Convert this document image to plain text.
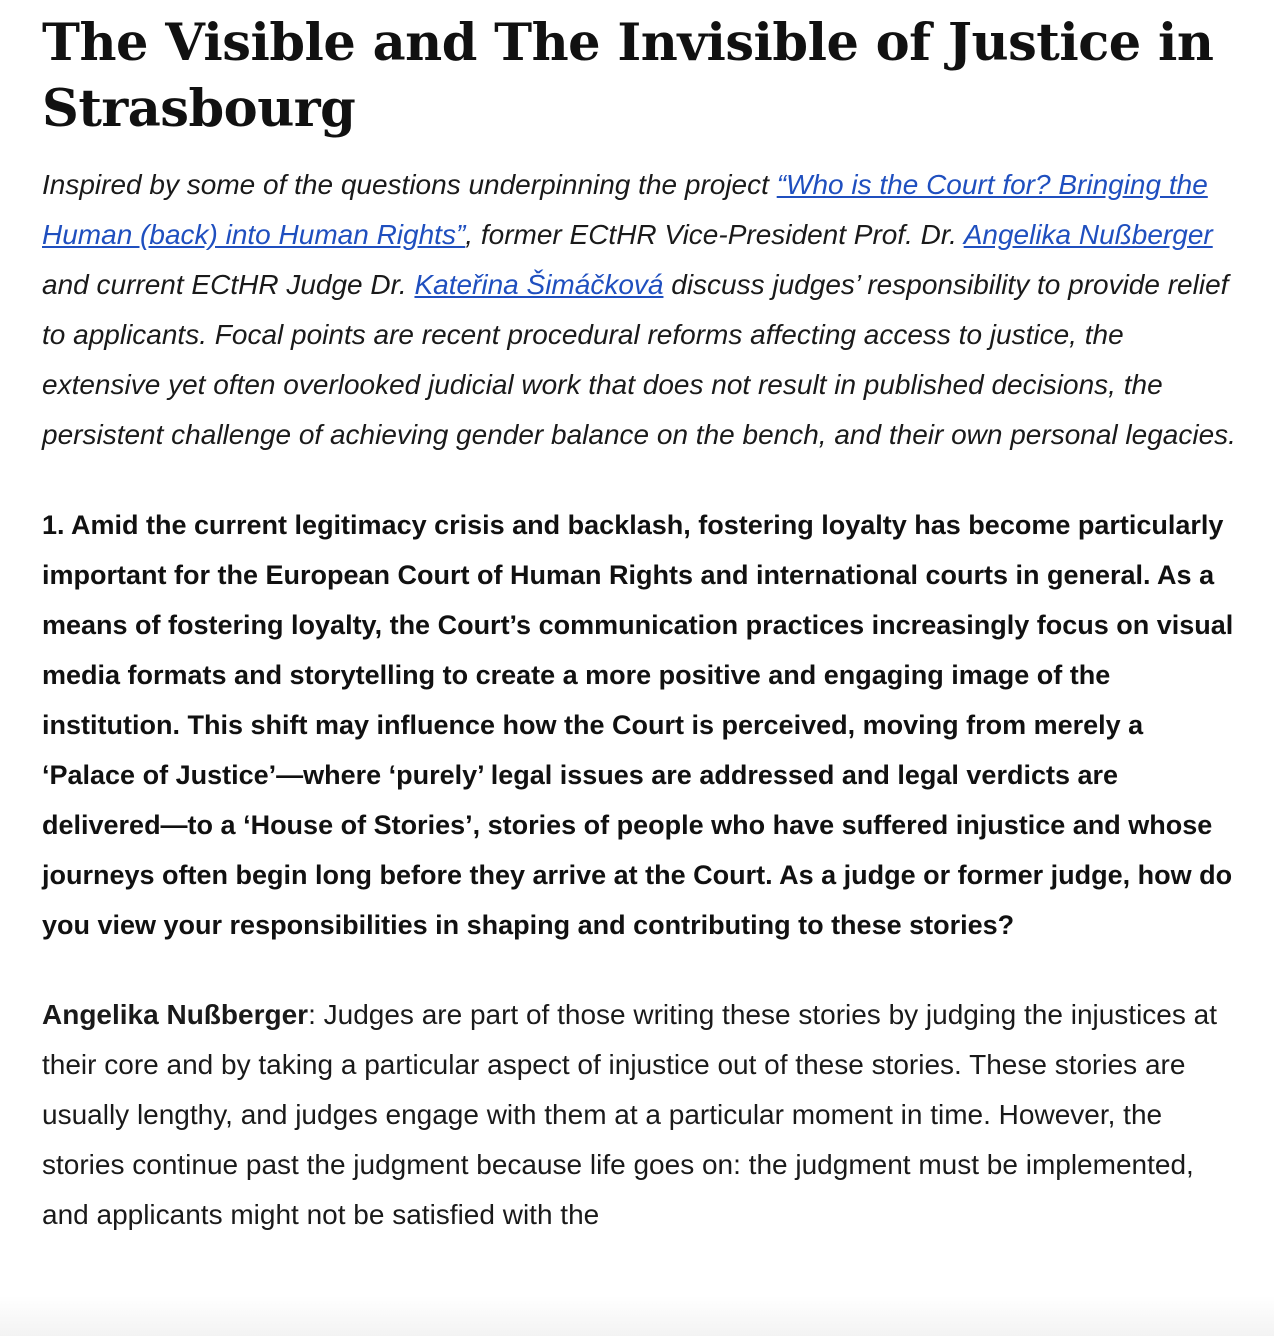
The Visible and The Invisible of Justice in Strasbourg

Inspired by some of the questions underpinning the project “Who is the Court for? Bringing the Human (back) into Human Rights”, former ECtHR Vice-President Prof. Dr. Angelika Nußberger and current ECtHR Judge Dr. Kateřina Šimáčková discuss judges’ responsibility to provide relief to applicants. Focal points are recent procedural reforms affecting access to justice, the extensive yet often overlooked judicial work that does not result in published decisions, the persistent challenge of achieving gender balance on the bench, and their own personal legacies.

1. Amid the current legitimacy crisis and backlash, fostering loyalty has become particularly important for the European Court of Human Rights and international courts in general. As a means of fostering loyalty, the Court’s communication practices increasingly focus on visual media formats and storytelling to create a more positive and engaging image of the institution. This shift may influence how the Court is perceived, moving from merely a ‘Palace of Justice’—where ‘purely’ legal issues are addressed and legal verdicts are delivered—to a ‘House of Stories’, stories of people who have suffered injustice and whose journeys often begin long before they arrive at the Court. As a judge or former judge, how do you view your responsibilities in shaping and contributing to these stories?

Angelika Nußberger: Judges are part of those writing these stories by judging the injustices at their core and by taking a particular aspect of injustice out of these stories. These stories are usually lengthy, and judges engage with them at a particular moment in time. However, the stories continue past the judgment because life goes on: the judgment must be implemented, and applicants might not be satisfied with the
